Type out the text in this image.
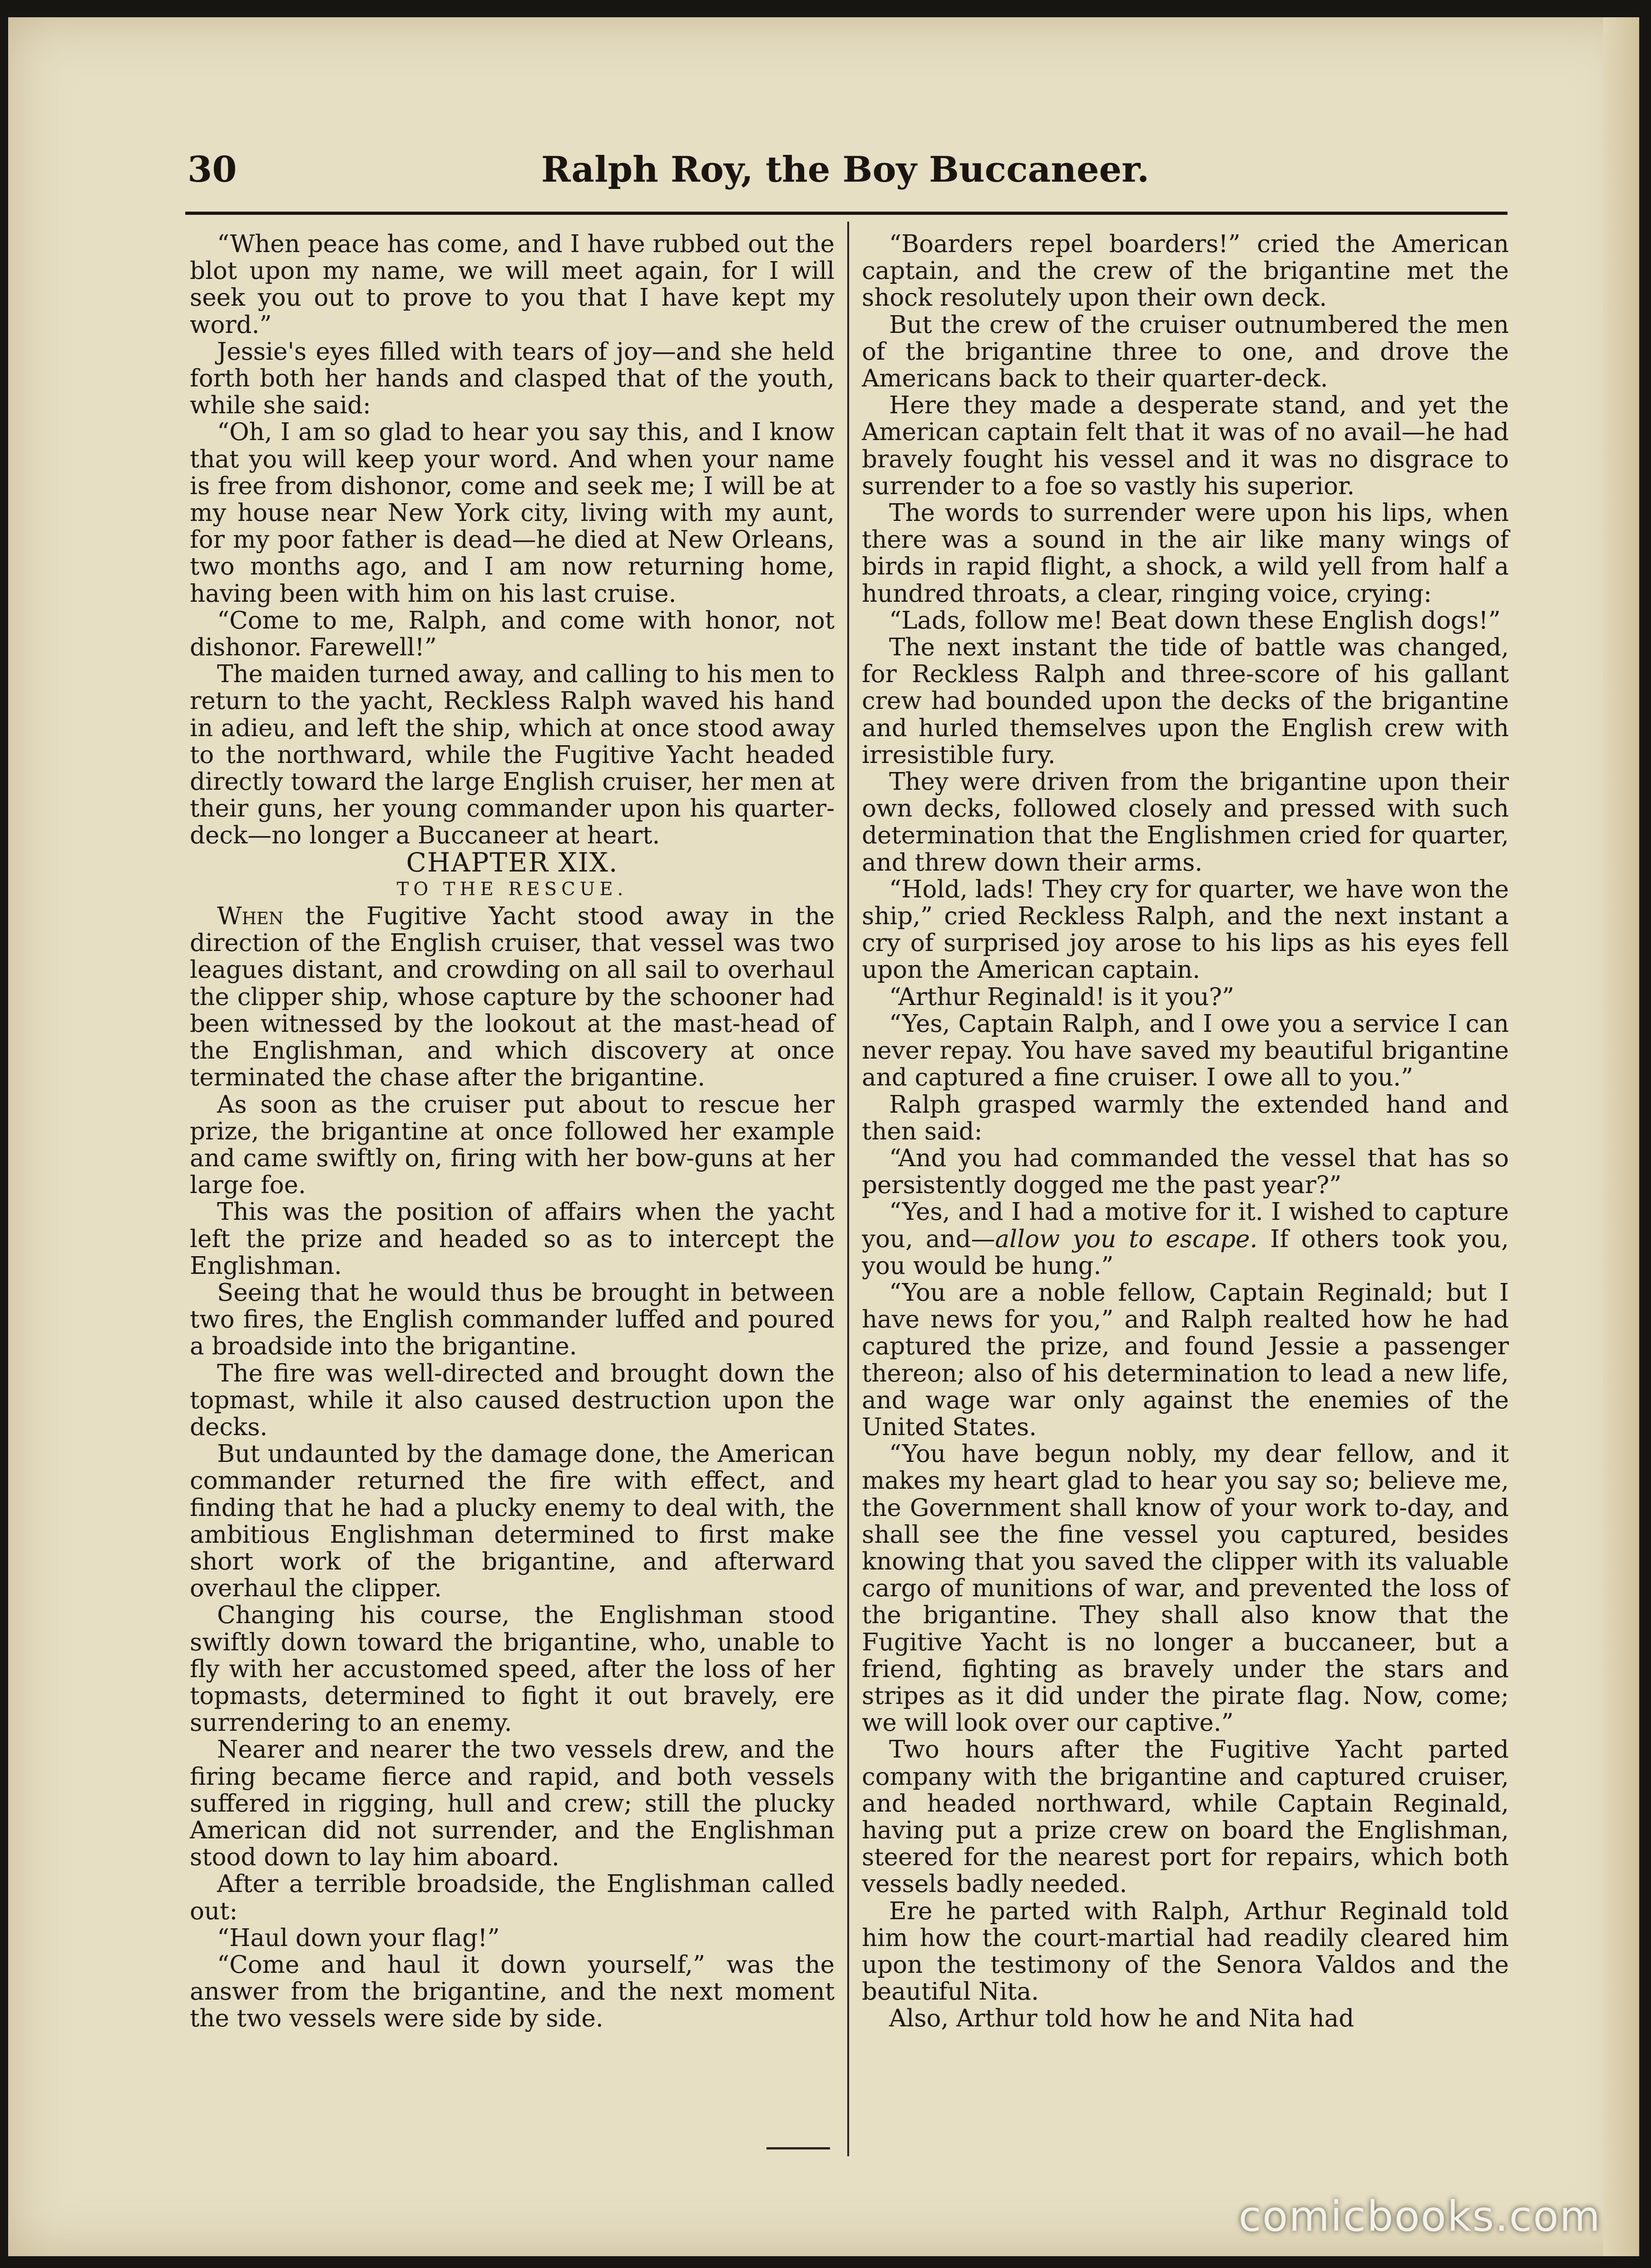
30	Ralph Roy, the Boy Buccaneer.

“When peace has come, and I have rubbed out the blot upon my name, we will meet again, for I will seek you out to prove to you that I have kept my word.”

Jessie's eyes filled with tears of joy—and she held forth both her hands and clasped that of the youth, while she said:

“Oh, I am so glad to hear you say this, and I know that you will keep your word. And when your name is free from dishonor, come and seek me; I will be at my house near New York city, living with my aunt, for my poor father is dead—he died at New Orleans, two months ago, and I am now returning home, having been with him on his last cruise.

“Come to me, Ralph, and come with honor, not dishonor. Farewell!”

The maiden turned away, and calling to his men to return to the yacht, Reckless Ralph waved his hand in adieu, and left the ship, which at once stood away to the northward, while the Fugitive Yacht headed directly toward the large English cruiser, her men at their guns, her young commander upon his quarter-deck—no longer a Buccaneer at heart.

CHAPTER XIX.

TO THE RESCUE.

When the Fugitive Yacht stood away in the direction of the English cruiser, that vessel was two leagues distant, and crowding on all sail to overhaul the clipper ship, whose capture by the schooner had been witnessed by the lookout at the mast-head of the Englishman, and which discovery at once terminated the chase after the brigantine.

As soon as the cruiser put about to rescue her prize, the brigantine at once followed her example and came swiftly on, firing with her bow-guns at her large foe.

This was the position of affairs when the yacht left the prize and headed so as to intercept the Englishman.

Seeing that he would thus be brought in between two fires, the English commander luffed and poured a broadside into the brigantine.

The fire was well-directed and brought down the topmast, while it also caused destruction upon the decks.

But undaunted by the damage done, the American commander returned the fire with effect, and finding that he had a plucky enemy to deal with, the ambitious Englishman determined to first make short work of the brigantine, and afterward overhaul the clipper.

Changing his course, the Englishman stood swiftly down toward the brigantine, who, unable to fly with her accustomed speed, after the loss of her topmasts, determined to fight it out bravely, ere surrendering to an enemy.

Nearer and nearer the two vessels drew, and the firing became fierce and rapid, and both vessels suffered in rigging, hull and crew; still the plucky American did not surrender, and the Englishman stood down to lay him aboard.

After a terrible broadside, the Englishman called out:

“Haul down your flag!”

“Come and haul it down yourself,” was the answer from the brigantine, and the next moment the two vessels were side by side.

“Boarders repel boarders!” cried the American captain, and the crew of the brigantine met the shock resolutely upon their own deck.

But the crew of the cruiser outnumbered the men of the brigantine three to one, and drove the Americans back to their quarter-deck.

Here they made a desperate stand, and yet the American captain felt that it was of no avail—he had bravely fought his vessel and it was no disgrace to surrender to a foe so vastly his superior.

The words to surrender were upon his lips, when there was a sound in the air like many wings of birds in rapid flight, a shock, a wild yell from half a hundred throats, a clear, ringing voice, crying:

“Lads, follow me! Beat down these English dogs!”

The next instant the tide of battle was changed, for Reckless Ralph and three-score of his gallant crew had bounded upon the decks of the brigantine and hurled themselves upon the English crew with irresistible fury.

They were driven from the brigantine upon their own decks, followed closely and pressed with such determination that the Englishmen cried for quarter, and threw down their arms.

“Hold, lads! They cry for quarter, we have won the ship,” cried Reckless Ralph, and the next instant a cry of surprised joy arose to his lips as his eyes fell upon the American captain.

“Arthur Reginald! is it you?”

“Yes, Captain Ralph, and I owe you a service I can never repay. You have saved my beautiful brigantine and captured a fine cruiser. I owe all to you.”

Ralph grasped warmly the extended hand and then said:

“And you had commanded the vessel that has so persistently dogged me the past year?”

“Yes, and I had a motive for it. I wished to capture you, and—allow you to escape. If others took you, you would be hung.”

“You are a noble fellow, Captain Reginald; but I have news for you,” and Ralph realted how he had captured the prize, and found Jessie a passenger thereon; also of his determination to lead a new life, and wage war only against the enemies of the United States.

“You have begun nobly, my dear fellow, and it makes my heart glad to hear you say so; believe me, the Government shall know of your work to-day, and shall see the fine vessel you captured, besides knowing that you saved the clipper with its valuable cargo of munitions of war, and prevented the loss of the brigantine. They shall also know that the Fugitive Yacht is no longer a buccaneer, but a friend, fighting as bravely under the stars and stripes as it did under the pirate flag. Now, come; we will look over our captive.”

Two hours after the Fugitive Yacht parted company with the brigantine and captured cruiser, and headed northward, while Captain Reginald, having put a prize crew on board the Englishman, steered for the nearest port for repairs, which both vessels badly needed.

Ere he parted with Ralph, Arthur Reginald told him how the court-martial had readily cleared him upon the testimony of the Senora Valdos and the beautiful Nita.

Also, Arthur told how he and Nita had

comicbooks.com
